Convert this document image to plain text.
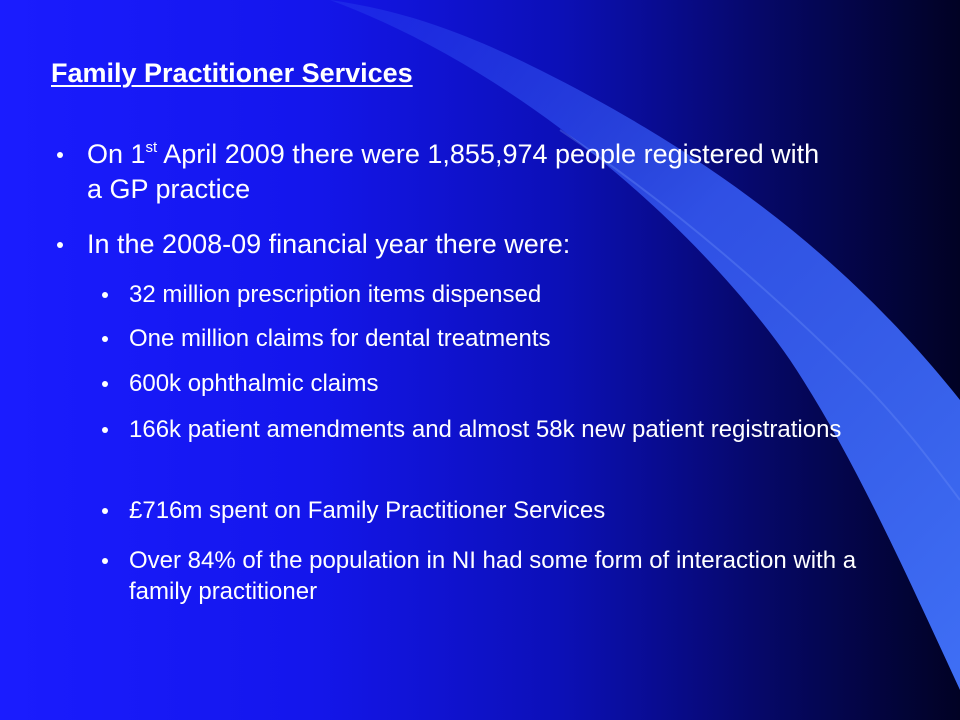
Family Practitioner Services
On 1st April 2009 there were 1,855,974 people registered with a GP practice
In the 2008-09 financial year there were:
32 million prescription items dispensed
One million claims for dental treatments
600k ophthalmic claims
166k patient amendments and almost 58k new patient registrations
£716m spent on Family Practitioner Services
Over 84% of the population in NI had some form of interaction with a family practitioner
